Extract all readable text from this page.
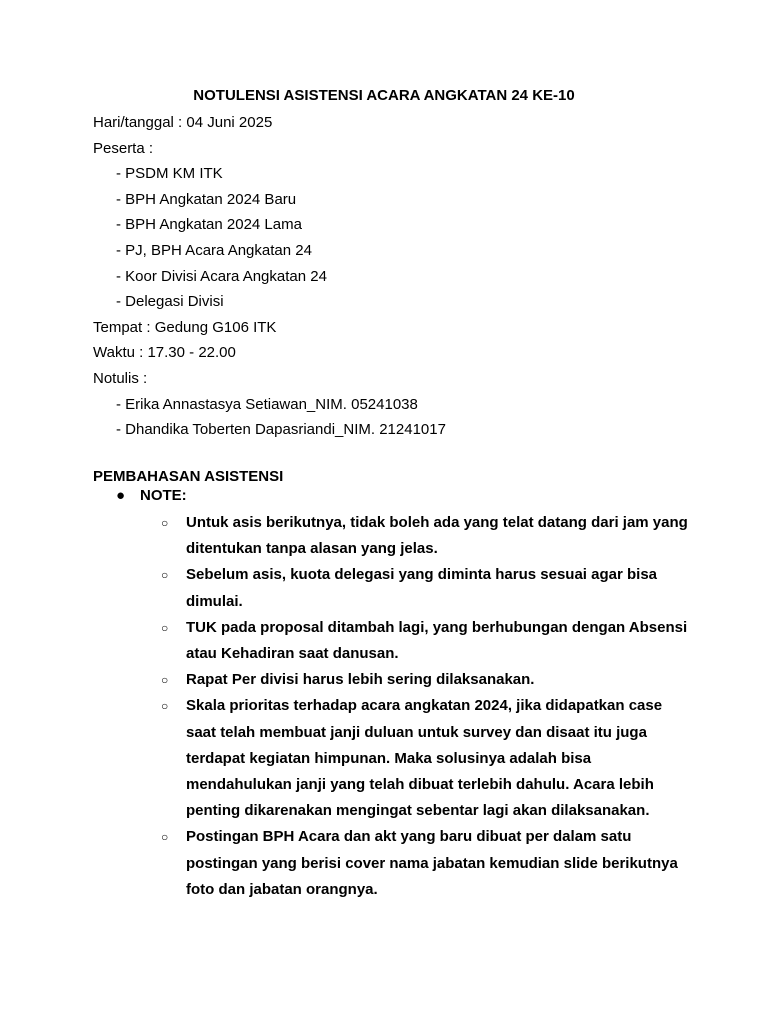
NOTULENSI ASISTENSI ACARA ANGKATAN 24 KE-10
Hari/tanggal : 04 Juni 2025
Peserta :
- PSDM KM ITK
- BPH Angkatan 2024 Baru
- BPH Angkatan 2024 Lama
- PJ, BPH Acara Angkatan 24
- Koor Divisi Acara Angkatan 24
- Delegasi Divisi
Tempat : Gedung G106 ITK
Waktu : 17.30 - 22.00
Notulis :
- Erika Annastasya Setiawan_NIM. 05241038
- Dhandika Toberten Dapasriandi_NIM. 21241017
PEMBAHASAN ASISTENSI
● NOTE:
○ Untuk asis berikutnya, tidak boleh ada yang telat datang dari jam yang ditentukan tanpa alasan yang jelas.
○ Sebelum asis, kuota delegasi yang diminta harus sesuai agar bisa dimulai.
○ TUK pada proposal ditambah lagi, yang berhubungan dengan Absensi atau Kehadiran saat danusan.
○ Rapat Per divisi harus lebih sering dilaksanakan.
○ Skala prioritas terhadap acara angkatan 2024, jika didapatkan case saat telah membuat janji duluan untuk survey dan disaat itu juga terdapat kegiatan himpunan. Maka solusinya adalah bisa mendahulukan janji yang telah dibuat terlebih dahulu. Acara lebih penting dikarenakan mengingat sebentar lagi akan dilaksanakan.
○ Postingan BPH Acara dan akt yang baru dibuat per dalam satu postingan yang berisi cover nama jabatan kemudian slide berikutnya foto dan jabatan orangnya.
